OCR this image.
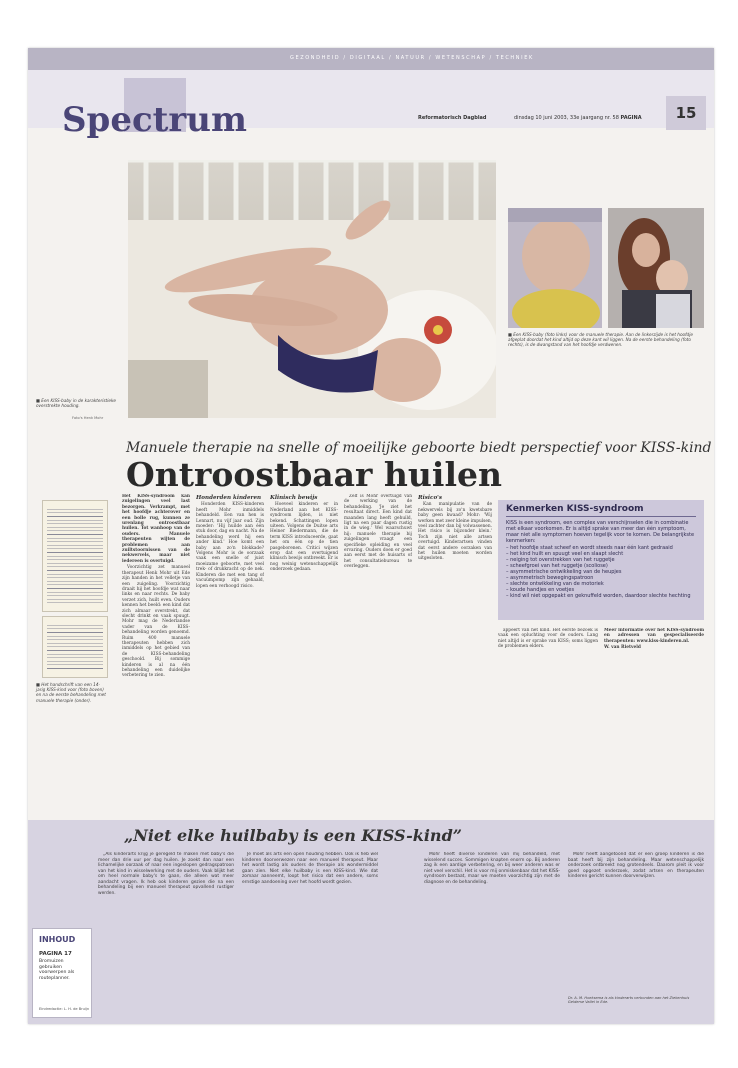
GEZONDHEID / DIGITAAL / NATUUR / WETENSCHAP / TECHNIEK
Spectrum	Reformatorisch Dagblad	dinsdag 10 juni 2003, 33e jaargang nr. 58 PAGINA	15
■ Een KISS-baby in de karakteristieke overstrekte houding.
Foto's Henk Mohr
■ Een KISS-baby (foto links) voor de manuele therapie. Aan de linkerzijde is het hoofdje afgeplat doordat het kind altijd op deze kant wil liggen. Na de eerste behandeling (foto rechts), is de dwangstand van het hoofdje verdwenen.
Manuele therapie na snelle of moeilijke geboorte biedt perspectief voor KISS-kind
Ontroostbaar huilen
■ Het handschrift van een 14-jarig KISS-kind voor (foto boven) en na de eerste behandeling met manuele therapie (onder).

Het KISS-syndroom kan zuigelingen veel last bezorgen. Verkrampt, met het hoofdje achterover en een bolle rug, kunnen ze urenlang ontroostbaar huilen. Tot wanhoop van de ouders. Manuele therapeuten wijten de problemen aan zuiltstoornissen van de nekwervels, maar niet iedereen is overtuigd.

Voorzichtig zet manueel therapeut Henk Mohr uit Ede zijn handen in het velletje van een zuigeling. Voorzichtig draait hij het hoofdje wat naar links en naar rechts. De baby verzet zich, huilt even. Ouders kennen het beeld: een kind dat zich almaar overstrekt, dat slecht drinkt en vaak spuugt. Mohr mag de Nederlandse vader van de KISS-behandeling worden genoemd. Ruim 400 manuele therapeuten hebben zich inmiddels op het gebied van de KISS-behandeling geschoold. Bij sommige kinderen is al na één behandeling een duidelijke verbetering te zien.

Honderden kinderen

Honderden KISS-kinderen heeft Mohr inmiddels behandeld. Een van hen is Lennart, nu vijf jaar oud. Zijn moeder: 'Hij huilde aan één stuk door, dag en nacht. Na de behandeling werd hij een ander kind.' Hoe komt een baby aan zo'n blokkade? Volgens Mohr is de oorzaak vaak een snelle of juist moeizame geboorte, met veel trek- of drukkracht op de nek. Kinderen die met een tang of vacuümpomp zijn gehaald, lopen een verhoogd risico.

Klinisch bewijs

Hoeveel kinderen er in Nederland aan het KISS-syndroom lijden, is niet bekend. Schattingen lopen uiteen. Volgens de Duitse arts Heiner Biedermann, die de term KISS introduceerde, gaat het om één op de tien pasgeborenen. Critici wijzen erop dat een overtuigend klinisch bewijs ontbreekt. Er is nog weinig wetenschappelijk onderzoek gedaan.

Zelf is Mohr overtuigd van de werking van de behandeling. 'Je ziet het resultaat direct. Een kind dat maanden lang heeft gehuild, ligt na een paar dagen rustig in de wieg.' Wel waarschuwt hij: manuele therapie bij zuigelingen vraagt een specifieke opleiding en veel ervaring. Ouders doen er goed aan eerst met de huisarts of het consultatiebureau te overleggen.

Risico's

Kan manipulatie van de nekwervels bij zo'n kwetsbare baby geen kwaad? Mohr: 'Wij werken met zeer kleine impulsen, veel zachter dan bij volwassenen. Het risico is bijzonder klein.' Toch zijn niet alle artsen overtuigd. Kinderartsen vinden dat eerst andere oorzaken van het huilen moeten worden uitgesloten.

appeert van het kind. Het eerste bezoek is vaak een opluchting voor de ouders. Lang niet altijd is er sprake van KISS; soms liggen de problemen elders.

Meer informatie over het KISS-syndroom en adressen van gespecialiseerde therapeuten: www.kiss-kinderen.nl.

W. van Rietveld

Kenmerken KISS-syndroom
KISS is een syndroom, een complex van verschijnselen die in combinatie met elkaar voorkomen. Er is altijd sprake van meer dan één symptoom, maar niet alle symptomen hoeven tegelijk voor te komen. De belangrijkste kenmerken:
– het hoofdje staat scheef en wordt steeds naar één kant gedraaid
– het kind huilt en spuugt veel en slaapt slecht
– neiging tot overstrekken van het ruggetje
– scheefgroei van het ruggetje (scoliose)
– asymmetrische ontwikkeling van de heupjes
– asymmetrisch bewegingspatroon
– slechte ontwikkeling van de motoriek
– koude handjes en voetjes
– kind wil niet opgepakt en geknuffeld worden, daardoor slechte hechting
„Niet elke huilbaby is een KISS-kind”
INHOUD
PAGINA 17
Bromuizen gebruiken voorwerpen als routeplanner.
Eindredactie: L. H. de Bruijn

„Als kinderarts krijg je geregeld te maken met baby's die meer dan drie uur per dag huilen. Je zoekt dan naar een lichamelijke oorzaak of naar een ingeslopen gedragspatroon van het kind in wisselwerking met de ouders. Vaak blijkt het om heel normale baby's te gaan, die alleen wat meer aandacht vragen. Ik heb ook kinderen gezien die na een behandeling bij een manueel therapeut opvallend rustiger werden.

Je moet als arts een open houding hebben. Ook ik heb wel kinderen doorverwezen naar een manueel therapeut. Maar het wordt lastig als ouders de therapie als wondermiddel gaan zien. Niet elke huilbaby is een KISS-kind. Wie dat zomaar aanneemt, loopt het risico dat een andere, soms ernstige aandoening over het hoofd wordt gezien.

Mohr heeft diverse kinderen van mij behandeld, met wisselend succes. Sommigen knapten enorm op. Bij anderen zag ik een aardige verbetering, en bij weer anderen was er niet veel verschil. Het is voor mij onmiskenbaar dat het KISS-syndroom bestaat, maar we moeten voorzichtig zijn met de diagnose en de behandeling.

Mohr heeft aangetoond dat er een groep kinderen is die baat heeft bij zijn behandeling. Maar wetenschappelijk onderzoek ontbreekt nog grotendeels. Daarom pleit ik voor goed opgezet onderzoek, zodat artsen en therapeuten kinderen gericht kunnen doorverwijzen.

Dr. A. M. Hoeksema is als kinderarts verbonden aan het Ziekenhuis Gelderse Vallei in Ede.
